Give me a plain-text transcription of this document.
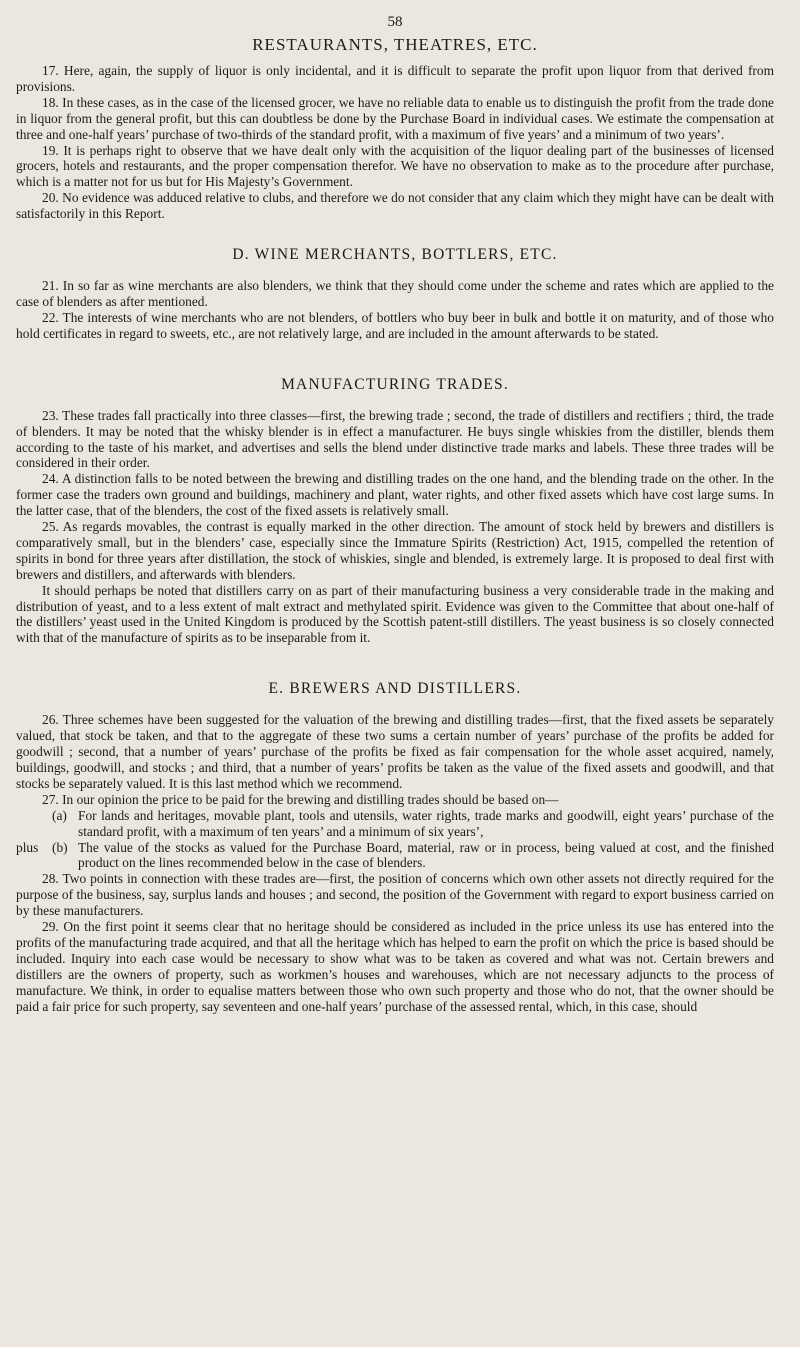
58
RESTAURANTS, THEATRES, ETC.

17. Here, again, the supply of liquor is only incidental, and it is difficult to separate the profit upon liquor from that derived from provisions.

18. In these cases, as in the case of the licensed grocer, we have no reliable data to enable us to distinguish the profit from the trade done in liquor from the general profit, but this can doubtless be done by the Purchase Board in individual cases. We estimate the compensation at three and one-half years’ purchase of two-thirds of the standard profit, with a maximum of five years’ and a minimum of two years’.

19. It is perhaps right to observe that we have dealt only with the acquisition of the liquor dealing part of the businesses of licensed grocers, hotels and restaurants, and the proper compensation therefor. We have no observation to make as to the procedure after purchase, which is a matter not for us but for His Majesty’s Government.

20. No evidence was adduced relative to clubs, and therefore we do not consider that any claim which they might have can be dealt with satisfactorily in this Report.

D. WINE MERCHANTS, BOTTLERS, ETC.

21. In so far as wine merchants are also blenders, we think that they should come under the scheme and rates which are applied to the case of blenders as after mentioned.

22. The interests of wine merchants who are not blenders, of bottlers who buy beer in bulk and bottle it on maturity, and of those who hold certificates in regard to sweets, etc., are not relatively large, and are included in the amount afterwards to be stated.

MANUFACTURING TRADES.

23. These trades fall practically into three classes—first, the brewing trade ; second, the trade of distillers and rectifiers ; third, the trade of blenders. It may be noted that the whisky blender is in effect a manufacturer. He buys single whiskies from the distiller, blends them according to the taste of his market, and advertises and sells the blend under distinctive trade marks and labels. These three trades will be considered in their order.

24. A distinction falls to be noted between the brewing and distilling trades on the one hand, and the blending trade on the other. In the former case the traders own ground and buildings, machinery and plant, water rights, and other fixed assets which have cost large sums. In the latter case, that of the blenders, the cost of the fixed assets is relatively small.

25. As regards movables, the contrast is equally marked in the other direction. The amount of stock held by brewers and distillers is comparatively small, but in the blenders’ case, especially since the Immature Spirits (Restriction) Act, 1915, compelled the retention of spirits in bond for three years after distillation, the stock of whiskies, single and blended, is extremely large. It is proposed to deal first with brewers and distillers, and afterwards with blenders.

It should perhaps be noted that distillers carry on as part of their manufacturing business a very considerable trade in the making and distribution of yeast, and to a less extent of malt extract and methylated spirit. Evidence was given to the Committee that about one-half of the distillers’ yeast used in the United Kingdom is produced by the Scottish patent-still distillers. The yeast business is so closely connected with that of the manufacture of spirits as to be inseparable from it.

E. BREWERS AND DISTILLERS.

26. Three schemes have been suggested for the valuation of the brewing and distilling trades—first, that the fixed assets be separately valued, that stock be taken, and that to the aggregate of these two sums a certain number of years’ purchase of the profits be added for goodwill ; second, that a number of years’ purchase of the profits be fixed as fair compensation for the whole asset acquired, namely, buildings, goodwill, and stocks ; and third, that a number of years’ profits be taken as the value of the fixed assets and goodwill, and that stocks be separately valued. It is this last method which we recommend.

27. In our opinion the price to be paid for the brewing and distilling trades should be based on—

(a) For lands and heritages, movable plant, tools and utensils, water rights, trade marks and goodwill, eight years’ purchase of the standard profit, with a maximum of ten years’ and a minimum of six years’,
plus	(b) The value of the stocks as valued for the Purchase Board, material, raw or in process, being valued at cost, and the finished product on the lines recommended below in the case of blenders.

28. Two points in connection with these trades are—first, the position of concerns which own other assets not directly required for the purpose of the business, say, surplus lands and houses ; and second, the position of the Government with regard to export business carried on by these manufacturers.

29. On the first point it seems clear that no heritage should be considered as included in the price unless its use has entered into the profits of the manufacturing trade acquired, and that all the heritage which has helped to earn the profit on which the price is based should be included. Inquiry into each case would be necessary to show what was to be taken as covered and what was not. Certain brewers and distillers are the owners of property, such as workmen’s houses and warehouses, which are not necessary adjuncts to the process of manufacture. We think, in order to equalise matters between those who own such property and those who do not, that the owner should be paid a fair price for such property, say seventeen and one-half years’ purchase of the assessed rental, which, in this case, should
